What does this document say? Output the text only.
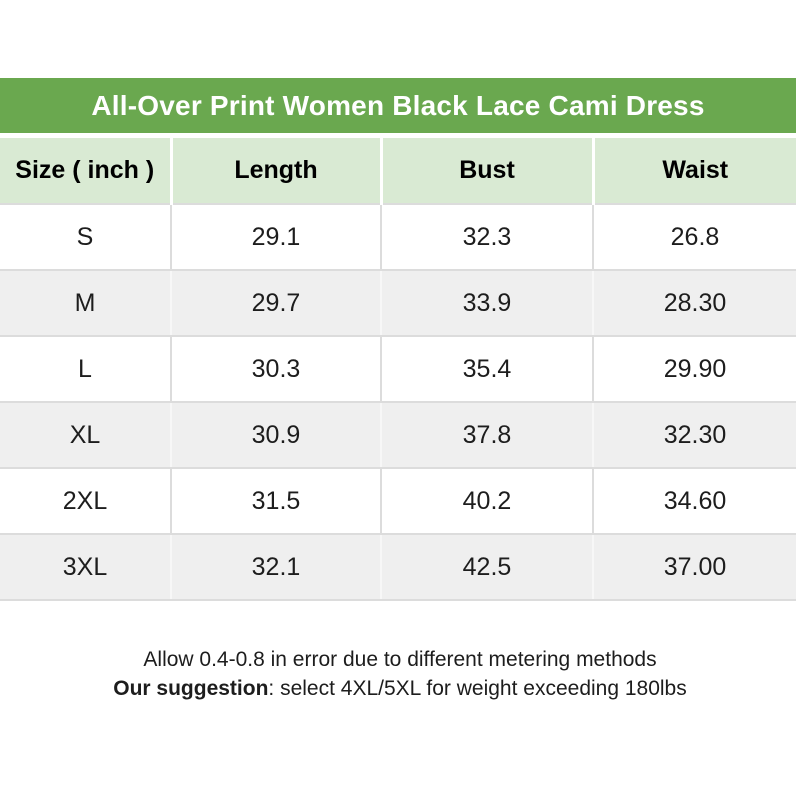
All-Over Print Women Black Lace Cami Dress
Size ( inch )	Length	Bust	Waist
S	29.1	32.3	26.8
M	29.7	33.9	28.30
L	30.3	35.4	29.90
XL	30.9	37.8	32.30
2XL	31.5	40.2	34.60
3XL	32.1	42.5	37.00
Allow 0.4-0.8 in error due to different metering methods
Our suggestion: select 4XL/5XL for weight exceeding 180lbs
